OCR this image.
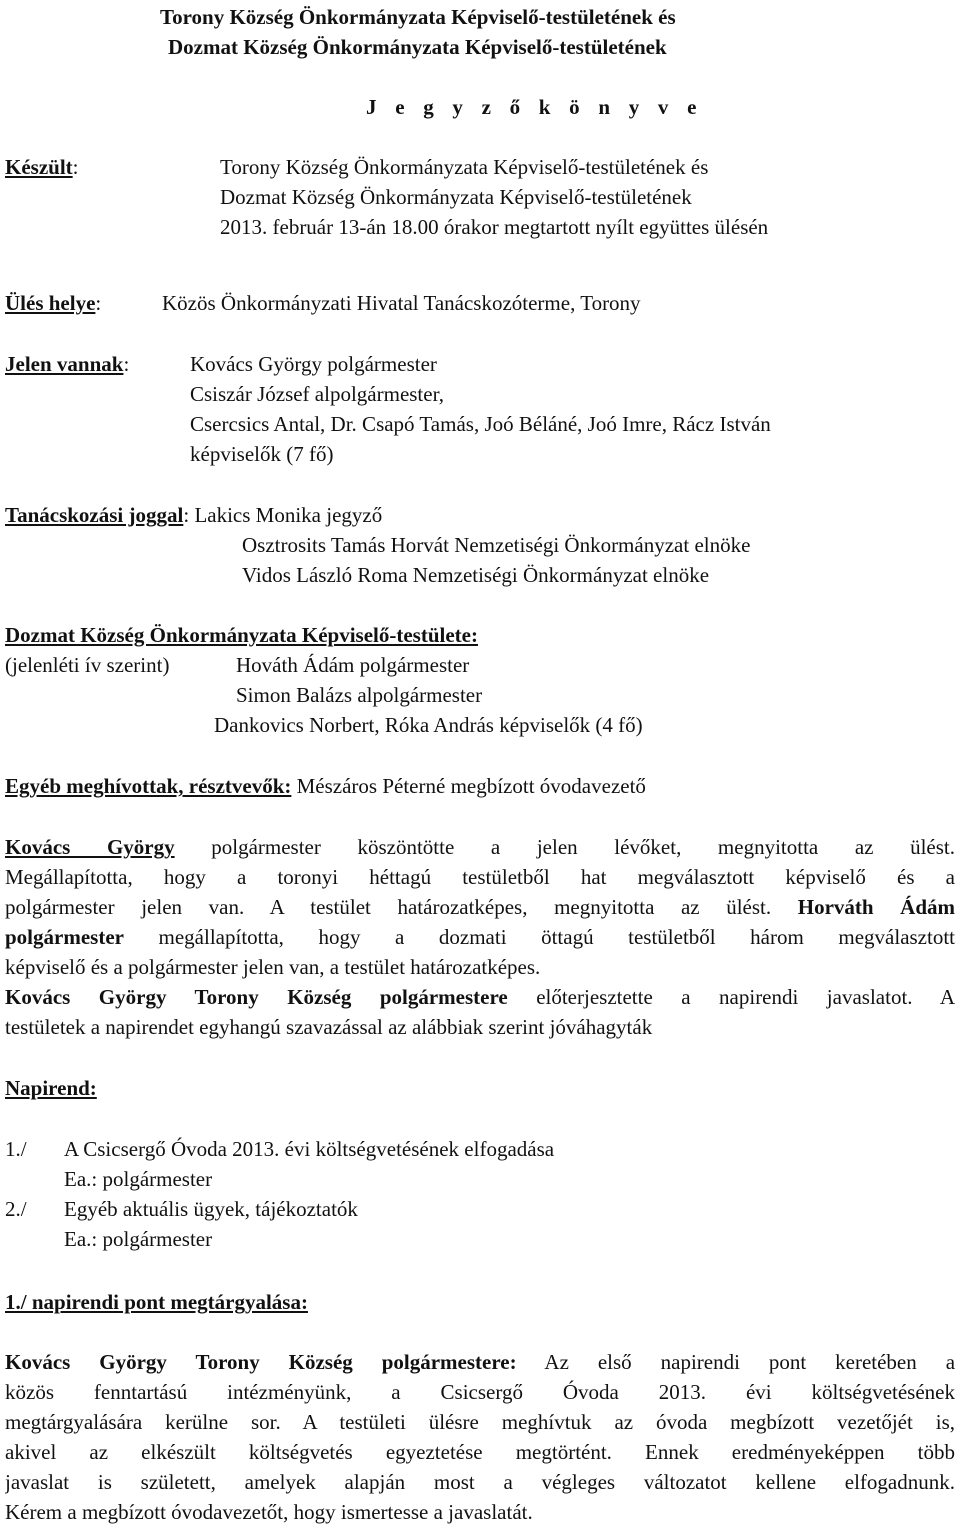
Torony Község Önkormányzata Képviselő-testületének és
Dozmat Község Önkormányzata Képviselő-testületének
J e g y z ő k ö n y v e
Készült:	Torony Község Önkormányzata Képviselő-testületének és
Dozmat Község Önkormányzata Képviselő-testületének
2013. február 13-án 18.00 órakor megtartott nyílt együttes ülésén
Ülés helye:	Közös Önkormányzati Hivatal Tanácskozóterme, Torony
Jelen vannak:	Kovács György polgármester
Csiszár József alpolgármester,
Csercsics Antal, Dr. Csapó Tamás, Joó Béláné, Joó Imre, Rácz István
képviselők (7 fő)
Tanácskozási joggal: Lakics Monika jegyző
Osztrosits Tamás Horvát Nemzetiségi Önkormányzat elnöke
Vidos László Roma Nemzetiségi Önkormányzat elnöke
Dozmat Község Önkormányzata Képviselő-testülete:
(jelenléti ív szerint)	Hováth Ádám polgármester
Simon Balázs alpolgármester
Dankovics Norbert, Róka András képviselők (4 fő)
Egyéb meghívottak, résztvevők: Mészáros Péterné megbízott óvodavezető
Kovács György polgármester köszöntötte a jelen lévőket, megnyitotta az ülést.
Megállapította, hogy a toronyi héttagú testületből hat megválasztott képviselő és a
polgármester jelen van. A testület határozatképes, megnyitotta az ülést. Horváth Ádám
polgármester megállapította, hogy a dozmati öttagú testületből három megválasztott
képviselő és a polgármester jelen van, a testület határozatképes.
Kovács György Torony Község polgármestere előterjesztette a napirendi javaslatot. A
testületek a napirendet egyhangú szavazással az alábbiak szerint jóváhagyták
Napirend:
1./ A Csicsergő Óvoda 2013. évi költségvetésének elfogadása
Ea.: polgármester
2./ Egyéb aktuális ügyek, tájékoztatók
Ea.: polgármester
1./ napirendi pont megtárgyalása:
Kovács György Torony Község polgármestere: Az első napirendi pont keretében a
közös fenntartású intézményünk, a Csicsergő Óvoda 2013. évi költségvetésének
megtárgyalására kerülne sor. A testületi ülésre meghívtuk az óvoda megbízott vezetőjét is,
akivel az elkészült költségvetés egyeztetése megtörtént. Ennek eredményeképpen több
javaslat is született, amelyek alapján most a végleges változatot kellene elfogadnunk.
Kérem a megbízott óvodavezetőt, hogy ismertesse a javaslatát.
